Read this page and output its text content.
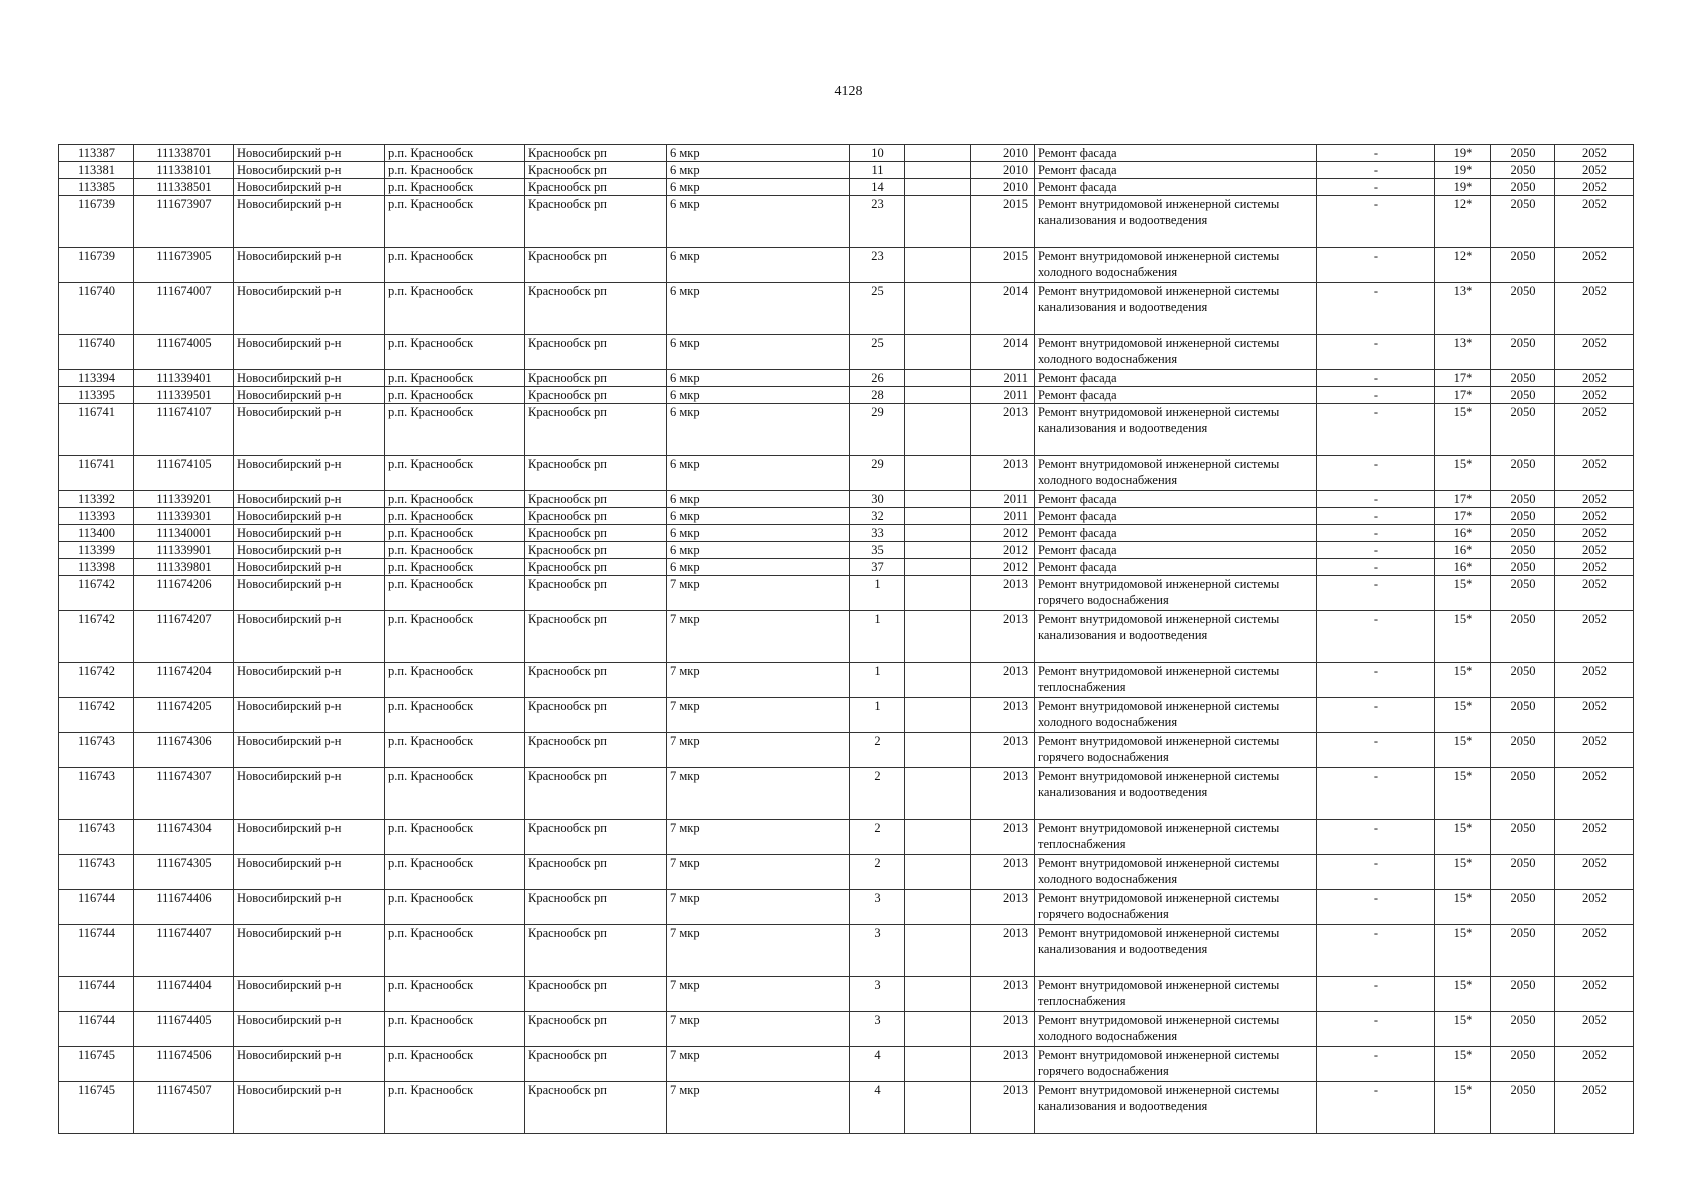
4128
113387	111338701	Новосибирский р-н	р.п. Краснообск	Краснообск рп	6 мкр	10		2010	Ремонт фасада	-	19*	2050	2052
113381	111338101	Новосибирский р-н	р.п. Краснообск	Краснообск рп	6 мкр	11		2010	Ремонт фасада	-	19*	2050	2052
113385	111338501	Новосибирский р-н	р.п. Краснообск	Краснообск рп	6 мкр	14		2010	Ремонт фасада	-	19*	2050	2052
116739	111673907	Новосибирский р-н	р.п. Краснообск	Краснообск рп	6 мкр	23		2015	Ремонт внутридомовой инженерной системы канализования и водоотведения	-	12*	2050	2052
116739	111673905	Новосибирский р-н	р.п. Краснообск	Краснообск рп	6 мкр	23		2015	Ремонт внутридомовой инженерной системы холодного водоснабжения	-	12*	2050	2052
116740	111674007	Новосибирский р-н	р.п. Краснообск	Краснообск рп	6 мкр	25		2014	Ремонт внутридомовой инженерной системы канализования и водоотведения	-	13*	2050	2052
116740	111674005	Новосибирский р-н	р.п. Краснообск	Краснообск рп	6 мкр	25		2014	Ремонт внутридомовой инженерной системы холодного водоснабжения	-	13*	2050	2052
113394	111339401	Новосибирский р-н	р.п. Краснообск	Краснообск рп	6 мкр	26		2011	Ремонт фасада	-	17*	2050	2052
113395	111339501	Новосибирский р-н	р.п. Краснообск	Краснообск рп	6 мкр	28		2011	Ремонт фасада	-	17*	2050	2052
116741	111674107	Новосибирский р-н	р.п. Краснообск	Краснообск рп	6 мкр	29		2013	Ремонт внутридомовой инженерной системы канализования и водоотведения	-	15*	2050	2052
116741	111674105	Новосибирский р-н	р.п. Краснообск	Краснообск рп	6 мкр	29		2013	Ремонт внутридомовой инженерной системы холодного водоснабжения	-	15*	2050	2052
113392	111339201	Новосибирский р-н	р.п. Краснообск	Краснообск рп	6 мкр	30		2011	Ремонт фасада	-	17*	2050	2052
113393	111339301	Новосибирский р-н	р.п. Краснообск	Краснообск рп	6 мкр	32		2011	Ремонт фасада	-	17*	2050	2052
113400	111340001	Новосибирский р-н	р.п. Краснообск	Краснообск рп	6 мкр	33		2012	Ремонт фасада	-	16*	2050	2052
113399	111339901	Новосибирский р-н	р.п. Краснообск	Краснообск рп	6 мкр	35		2012	Ремонт фасада	-	16*	2050	2052
113398	111339801	Новосибирский р-н	р.п. Краснообск	Краснообск рп	6 мкр	37		2012	Ремонт фасада	-	16*	2050	2052
116742	111674206	Новосибирский р-н	р.п. Краснообск	Краснообск рп	7 мкр	1		2013	Ремонт внутридомовой инженерной системы горячего водоснабжения	-	15*	2050	2052
116742	111674207	Новосибирский р-н	р.п. Краснообск	Краснообск рп	7 мкр	1		2013	Ремонт внутридомовой инженерной системы канализования и водоотведения	-	15*	2050	2052
116742	111674204	Новосибирский р-н	р.п. Краснообск	Краснообск рп	7 мкр	1		2013	Ремонт внутридомовой инженерной системы теплоснабжения	-	15*	2050	2052
116742	111674205	Новосибирский р-н	р.п. Краснообск	Краснообск рп	7 мкр	1		2013	Ремонт внутридомовой инженерной системы холодного водоснабжения	-	15*	2050	2052
116743	111674306	Новосибирский р-н	р.п. Краснообск	Краснообск рп	7 мкр	2		2013	Ремонт внутридомовой инженерной системы горячего водоснабжения	-	15*	2050	2052
116743	111674307	Новосибирский р-н	р.п. Краснообск	Краснообск рп	7 мкр	2		2013	Ремонт внутридомовой инженерной системы канализования и водоотведения	-	15*	2050	2052
116743	111674304	Новосибирский р-н	р.п. Краснообск	Краснообск рп	7 мкр	2		2013	Ремонт внутридомовой инженерной системы теплоснабжения	-	15*	2050	2052
116743	111674305	Новосибирский р-н	р.п. Краснообск	Краснообск рп	7 мкр	2		2013	Ремонт внутридомовой инженерной системы холодного водоснабжения	-	15*	2050	2052
116744	111674406	Новосибирский р-н	р.п. Краснообск	Краснообск рп	7 мкр	3		2013	Ремонт внутридомовой инженерной системы горячего водоснабжения	-	15*	2050	2052
116744	111674407	Новосибирский р-н	р.п. Краснообск	Краснообск рп	7 мкр	3		2013	Ремонт внутридомовой инженерной системы канализования и водоотведения	-	15*	2050	2052
116744	111674404	Новосибирский р-н	р.п. Краснообск	Краснообск рп	7 мкр	3		2013	Ремонт внутридомовой инженерной системы теплоснабжения	-	15*	2050	2052
116744	111674405	Новосибирский р-н	р.п. Краснообск	Краснообск рп	7 мкр	3		2013	Ремонт внутридомовой инженерной системы холодного водоснабжения	-	15*	2050	2052
116745	111674506	Новосибирский р-н	р.п. Краснообск	Краснообск рп	7 мкр	4		2013	Ремонт внутридомовой инженерной системы горячего водоснабжения	-	15*	2050	2052
116745	111674507	Новосибирский р-н	р.п. Краснообск	Краснообск рп	7 мкр	4		2013	Ремонт внутридомовой инженерной системы канализования и водоотведения	-	15*	2050	2052
